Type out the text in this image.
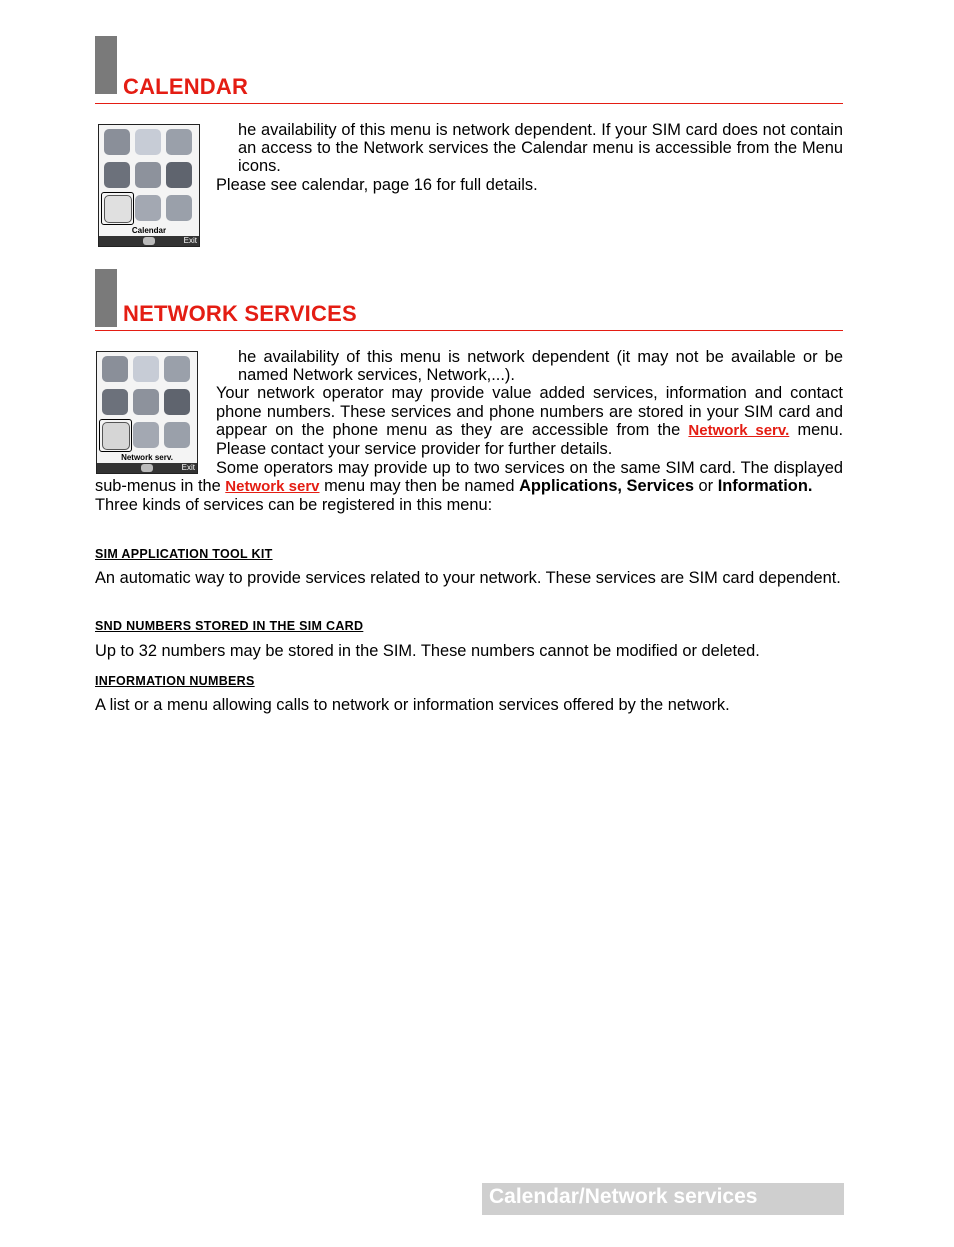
CALENDAR
Calendar
Exit

he availability of this menu is network dependent. If your SIM card does not contain an access to the Network services the Calendar menu is accessible from the Menu icons.

Please see calendar, page 16 for full details.

NETWORK SERVICES
Network serv.
Exit

he availability of this menu is network dependent (it may not be available or be named Network services, Network,...).

Your network operator may provide value added services, information and contact phone numbers. These services and phone numbers are stored in your SIM card and appear on the phone menu as they are accessible from the Network serv. menu. Please contact your service provider for further details.

Some operators may provide up to two services on the same SIM card. The displayed sub-menus in the Network serv menu may then be named Applications, Services or Information.

Three kinds of services can be registered in this menu:

SIM APPLICATION TOOL KIT
An automatic way to provide services related to your network. These services are SIM card dependent.
SND NUMBERS STORED IN THE SIM CARD
Up to 32 numbers may be stored in the SIM. These numbers cannot be modified or deleted.
INFORMATION NUMBERS
A list or a menu allowing calls to network or information services offered by the network.
Calendar/Network services
